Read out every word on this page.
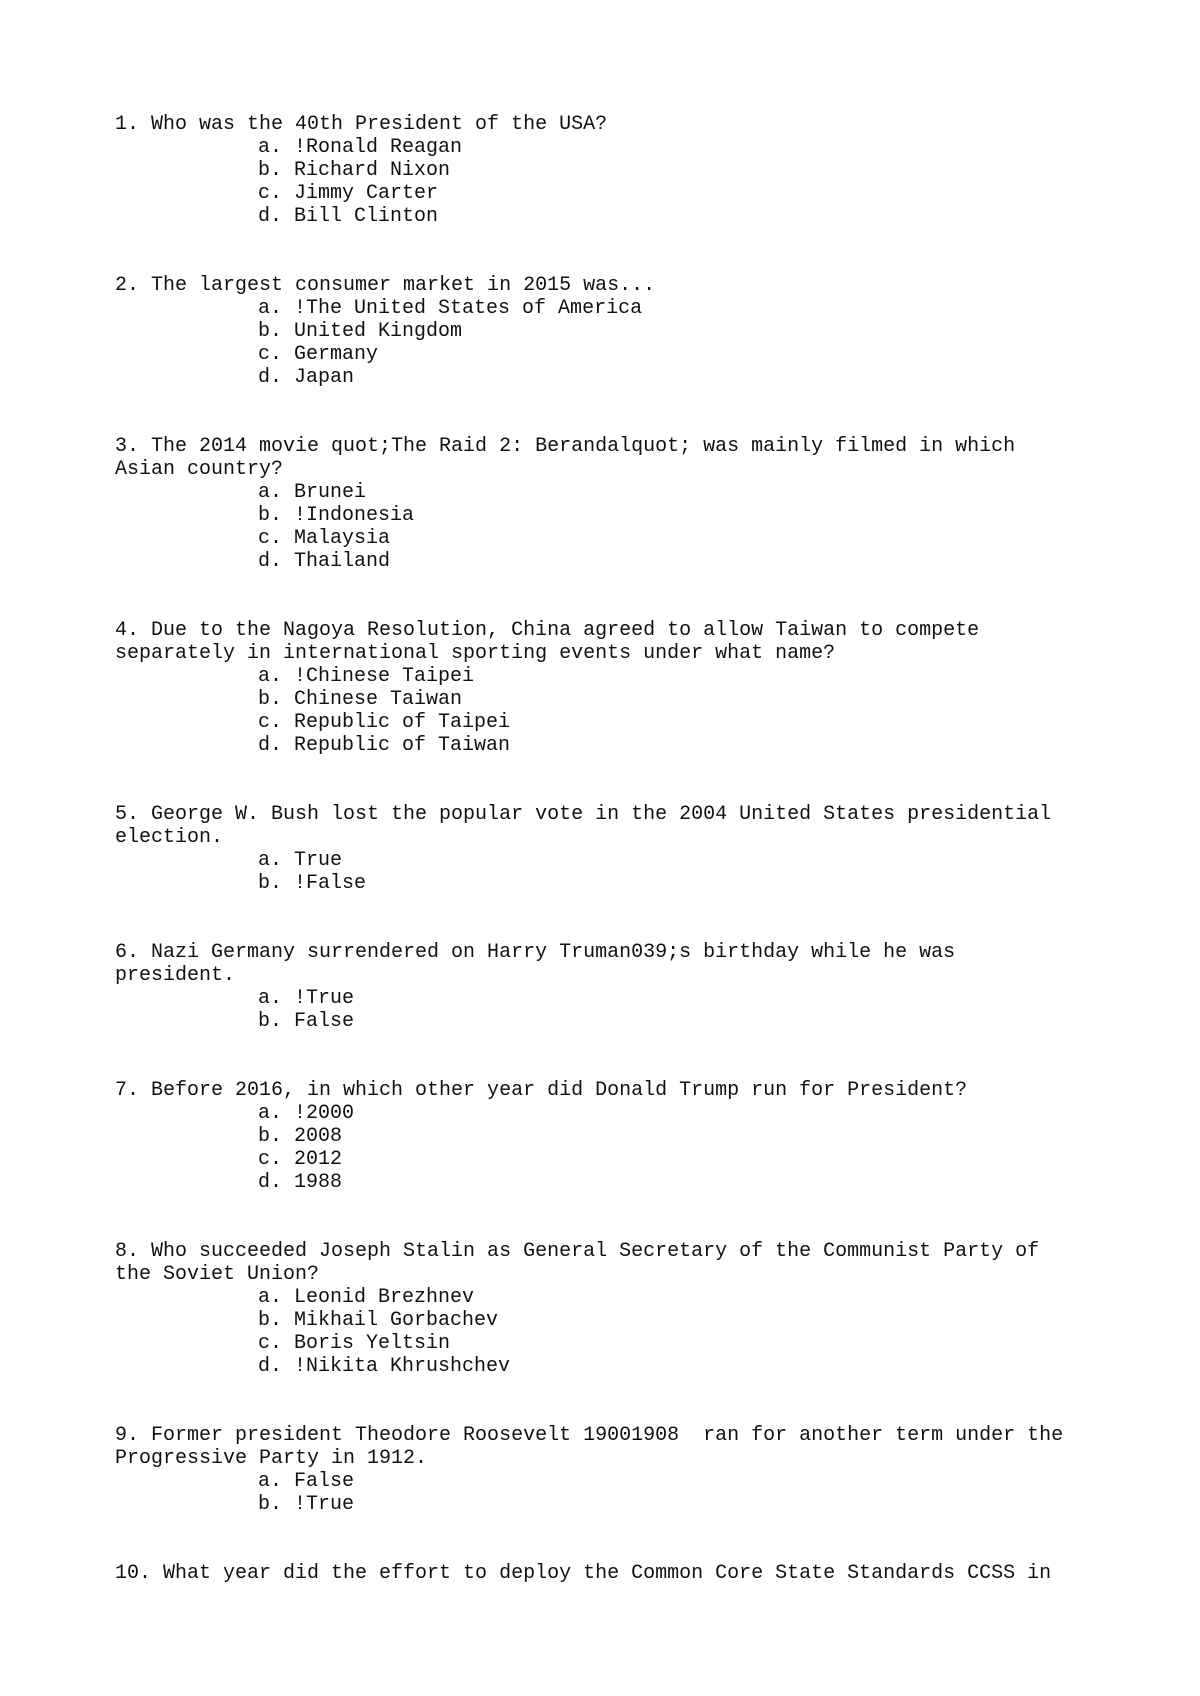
1. Who was the 40th President of the USA?
a. !Ronald Reagan
b. Richard Nixon
c. Jimmy Carter
d. Bill Clinton
2. The largest consumer market in 2015 was...
a. !The United States of America
b. United Kingdom
c. Germany
d. Japan
3. The 2014 movie quot;The Raid 2: Berandalquot; was mainly filmed in which
Asian country?
a. Brunei
b. !Indonesia
c. Malaysia
d. Thailand
4. Due to the Nagoya Resolution, China agreed to allow Taiwan to compete
separately in international sporting events under what name?
a. !Chinese Taipei
b. Chinese Taiwan
c. Republic of Taipei
d. Republic of Taiwan
5. George W. Bush lost the popular vote in the 2004 United States presidential
election.
a. True
b. !False
6. Nazi Germany surrendered on Harry Truman039;s birthday while he was
president.
a. !True
b. False
7. Before 2016, in which other year did Donald Trump run for President?
a. !2000
b. 2008
c. 2012
d. 1988
8. Who succeeded Joseph Stalin as General Secretary of the Communist Party of
the Soviet Union?
a. Leonid Brezhnev
b. Mikhail Gorbachev
c. Boris Yeltsin
d. !Nikita Khrushchev
9. Former president Theodore Roosevelt 19001908  ran for another term under the
Progressive Party in 1912.
a. False
b. !True
10. What year did the effort to deploy the Common Core State Standards CCSS in
